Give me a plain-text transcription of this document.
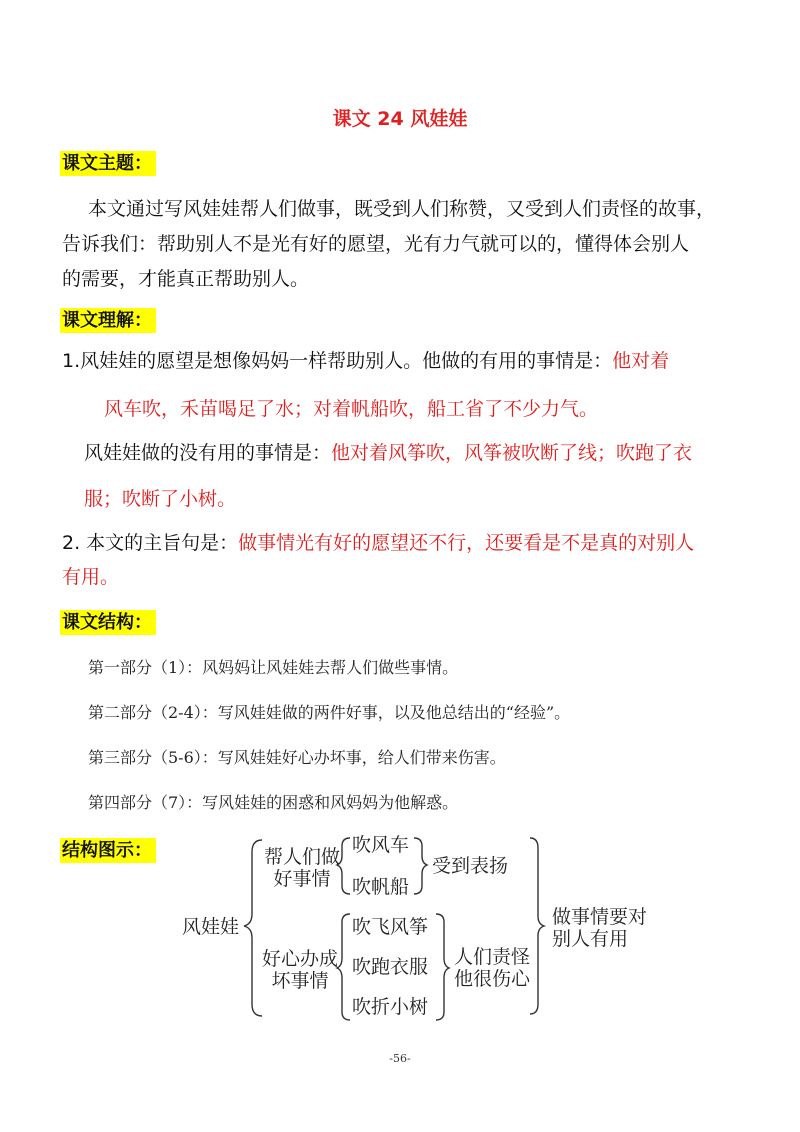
课文 24 风娃娃
课文主题：
本文通过写风娃娃帮人们做事，既受到人们称赞，又受到人们责怪的故事，
告诉我们：帮助别人不是光有好的愿望，光有力气就可以的，懂得体会别人
的需要，才能真正帮助别人。
课文理解：
1.风娃娃的愿望是想像妈妈一样帮助别人。他做的有用的事情是：他对着
风车吹，禾苗喝足了水；对着帆船吹，船工省了不少力气。
风娃娃做的没有用的事情是：他对着风筝吹，风筝被吹断了线；吹跑了衣
服；吹断了小树。
2. 本文的主旨句是：做事情光有好的愿望还不行，还要看是不是真的对别人
有用。
课文结构：
第一部分（1）：风妈妈让风娃娃去帮人们做些事情。
第二部分（2-4）：写风娃娃做的两件好事，以及他总结出的“经验”。
第三部分（5-6）：写风娃娃好心办坏事，给人们带来伤害。
第四部分（7）：写风娃娃的困惑和风妈妈为他解惑。
结构图示：
风娃娃
帮人们做
好事情
吹风车
吹帆船
受到表扬
好心办成
坏事情
吹飞风筝
吹跑衣服
吹折小树
人们责怪
他很伤心
做事情要对
别人有用
-56-
